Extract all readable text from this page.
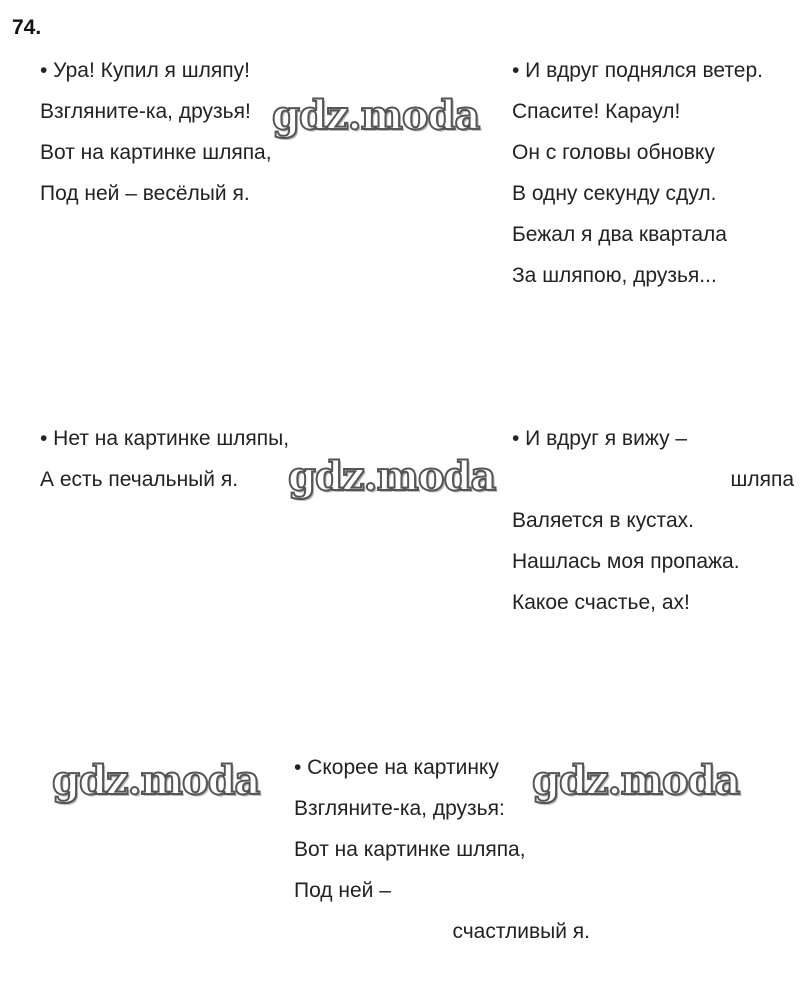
74.
• Ура! Купил я шляпу!
Взгляните-ка, друзья!
Вот на картинке шляпа,
Под ней – весёлый я.
• И вдруг поднялся ветер.
Спасите! Караул!
Он с головы обновку
В одну секунду сдул.
Бежал я два квартала
За шляпою, друзья...
• Нет на картинке шляпы,
А есть печальный я.
• И вдруг я вижу –
шляпа
Валяется в кустах.
Нашлась моя пропажа.
Какое счастье, ах!
• Скорее на картинку
Взгляните-ка, друзья:
Вот на картинке шляпа,
Под ней –
счастливый я.
gdz.moda
gdz.moda
gdz.moda	gdz.moda
